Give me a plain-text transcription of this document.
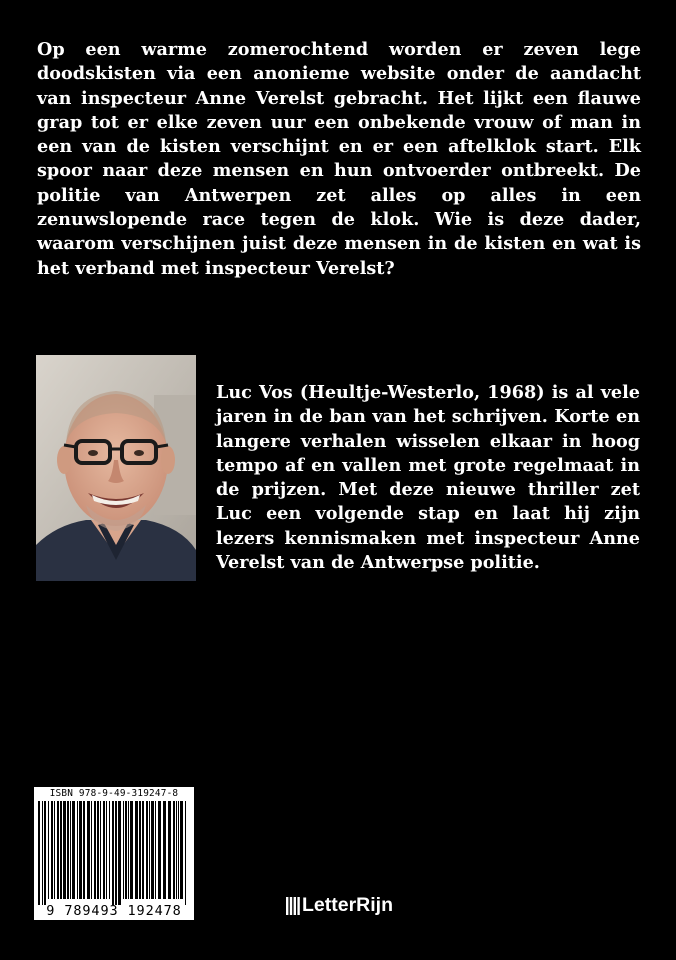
Op een warme zomerochtend worden er zeven lege doodskisten via een anonieme website onder de aandacht van inspecteur Anne Verelst gebracht. Het lijkt een flauwe grap tot er elke zeven uur een onbekende vrouw of man in een van de kisten verschijnt en er een aftelklok start. Elk spoor naar deze mensen en hun ontvoerder ontbreekt. De politie van Antwerpen zet alles op alles in een zenuwslopende race tegen de klok. Wie is deze dader, waarom verschijnen juist deze mensen in de kisten en wat is het verband met inspecteur Verelst?

Luc Vos (Heultje-Westerlo, 1968) is al vele jaren in de ban van het schrijven. Korte en langere verhalen wisselen elkaar in hoog tempo af en vallen met grote regelmaat in de prijzen. Met deze nieuwe thriller zet Luc een volgende stap en laat hij zijn lezers kennismaken met inspecteur Anne Verelst van de Antwerpse politie.

ISBN 978-9-49-319247-8
9 789493 192478	LetterRijn
